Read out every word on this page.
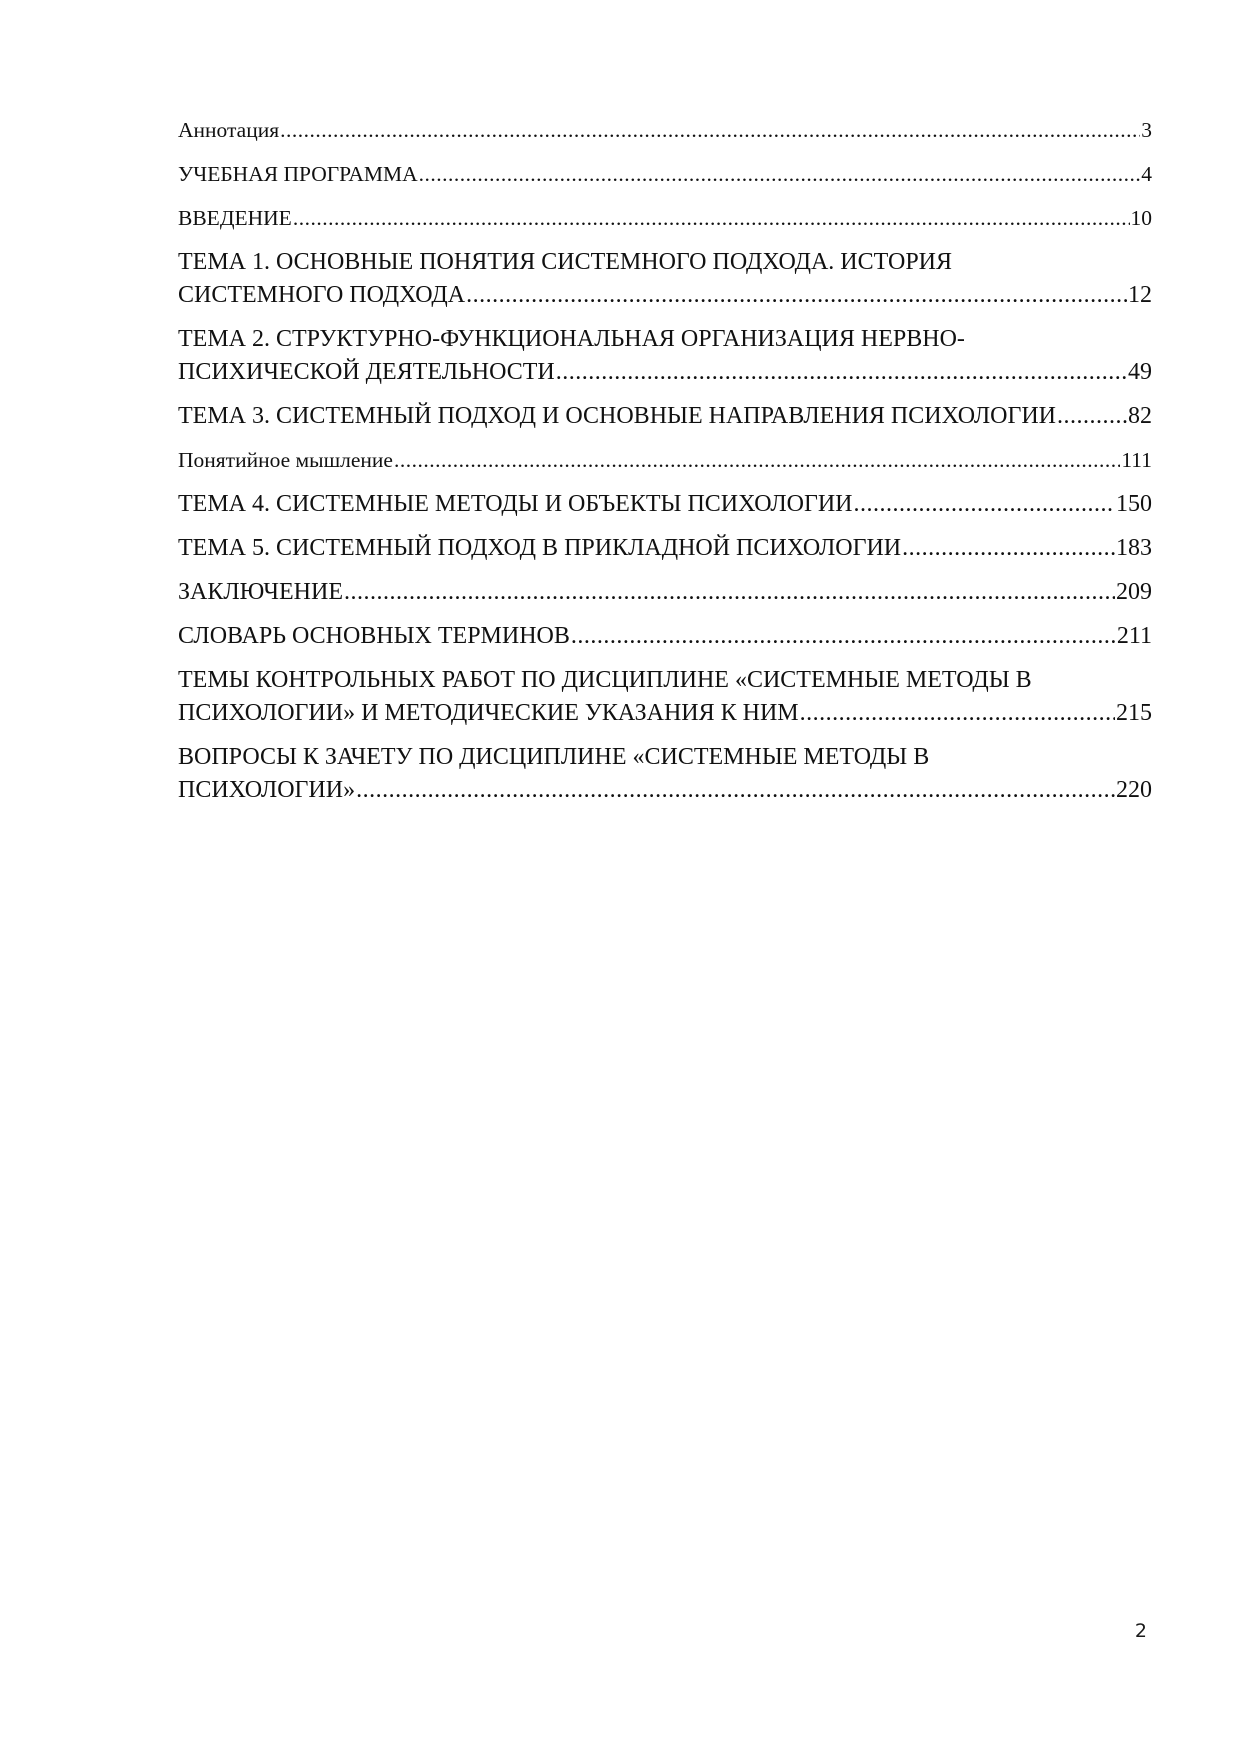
Аннотация .....	3
УЧЕБНАЯ ПРОГРАММА .....	4
ВВЕДЕНИЕ .....	10
ТЕМА 1. ОСНОВНЫЕ ПОНЯТИЯ СИСТЕМНОГО ПОДХОДА. ИСТОРИЯ
СИСТЕМНОГО ПОДХОДА .....	12
ТЕМА 2. СТРУКТУРНО-ФУНКЦИОНАЛЬНАЯ ОРГАНИЗАЦИЯ НЕРВНО-
ПСИХИЧЕСКОЙ ДЕЯТЕЛЬНОСТИ .....	49
ТЕМА 3. СИСТЕМНЫЙ ПОДХОД И ОСНОВНЫЕ НАПРАВЛЕНИЯ ПСИХОЛОГИИ .....	82
Понятийное мышление .....	111
ТЕМА 4. СИСТЕМНЫЕ МЕТОДЫ И ОБЪЕКТЫ ПСИХОЛОГИИ .....	150
ТЕМА 5. СИСТЕМНЫЙ ПОДХОД В ПРИКЛАДНОЙ ПСИХОЛОГИИ .....	183
ЗАКЛЮЧЕНИЕ .....	209
СЛОВАРЬ ОСНОВНЫХ ТЕРМИНОВ .....	211
ТЕМЫ КОНТРОЛЬНЫХ РАБОТ ПО ДИСЦИПЛИНЕ «СИСТЕМНЫЕ МЕТОДЫ В
ПСИХОЛОГИИ» И МЕТОДИЧЕСКИЕ УКАЗАНИЯ К НИМ .....	215
ВОПРОСЫ К ЗАЧЕТУ ПО ДИСЦИПЛИНЕ «СИСТЕМНЫЕ МЕТОДЫ В
ПСИХОЛОГИИ» .....	220
2
